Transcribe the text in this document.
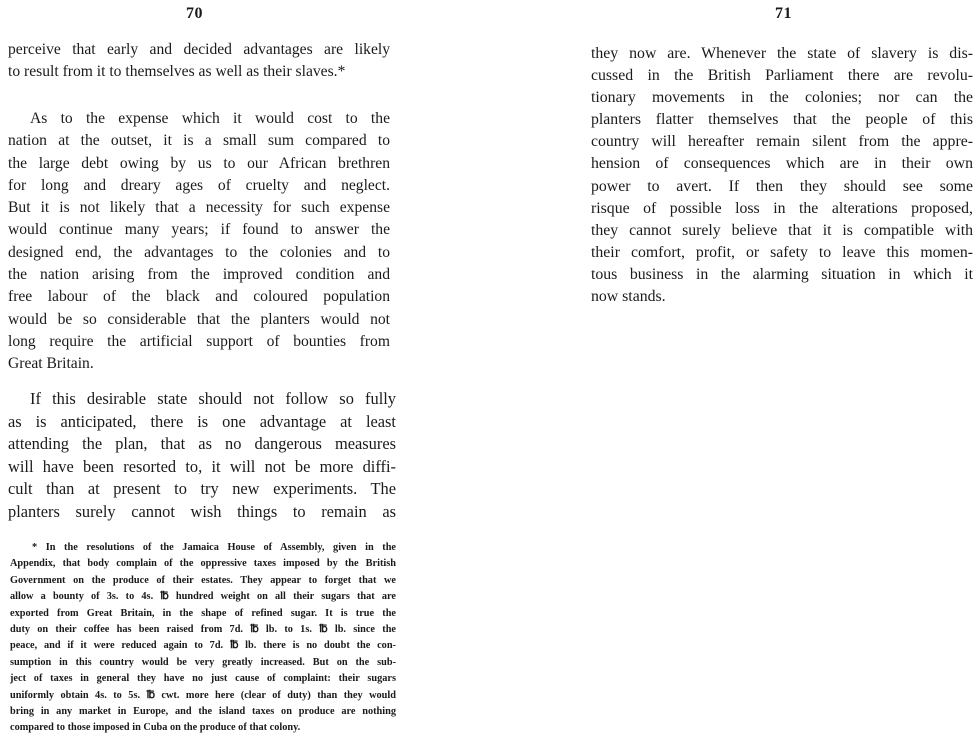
70
perceive that early and decided advantages are likely
to result from it to themselves as well as their slaves.*
As to the expense which it would cost to the
nation at the outset, it is a small sum compared to
the large debt owing by us to our African brethren
for long and dreary ages of cruelty and neglect.
But it is not likely that a necessity for such expense
would continue many years; if found to answer the
designed end, the advantages to the colonies and to
the nation arising from the improved condition and
free labour of the black and coloured population
would be so considerable that the planters would not
long require the artificial support of bounties from
Great Britain.
If this desirable state should not follow so fully
as is anticipated, there is one advantage at least
attending the plan, that as no dangerous measures
will have been resorted to, it will not be more diffi-
cult than at present to try new experiments. The
planters surely cannot wish things to remain as
* In the resolutions of the Jamaica House of Assembly, given in the
Appendix, that body complain of the oppressive taxes imposed by the British
Government on the produce of their estates. They appear to forget that we
allow a bounty of 3s. to 4s. ℔ hundred weight on all their sugars that are
exported from Great Britain, in the shape of refined sugar. It is true the
duty on their coffee has been raised from 7d. ℔ lb. to 1s. ℔ lb. since the
peace, and if it were reduced again to 7d. ℔ lb. there is no doubt the con-
sumption in this country would be very greatly increased. But on the sub-
ject of taxes in general they have no just cause of complaint: their sugars
uniformly obtain 4s. to 5s. ℔ cwt. more here (clear of duty) than they would
bring in any market in Europe, and the island taxes on produce are nothing
compared to those imposed in Cuba on the produce of that colony.
71
they now are. Whenever the state of slavery is dis-
cussed in the British Parliament there are revolu-
tionary movements in the colonies; nor can the
planters flatter themselves that the people of this
country will hereafter remain silent from the appre-
hension of consequences which are in their own
power to avert. If then they should see some
risque of possible loss in the alterations proposed,
they cannot surely believe that it is compatible with
their comfort, profit, or safety to leave this momen-
tous business in the alarming situation in which it
now stands.
